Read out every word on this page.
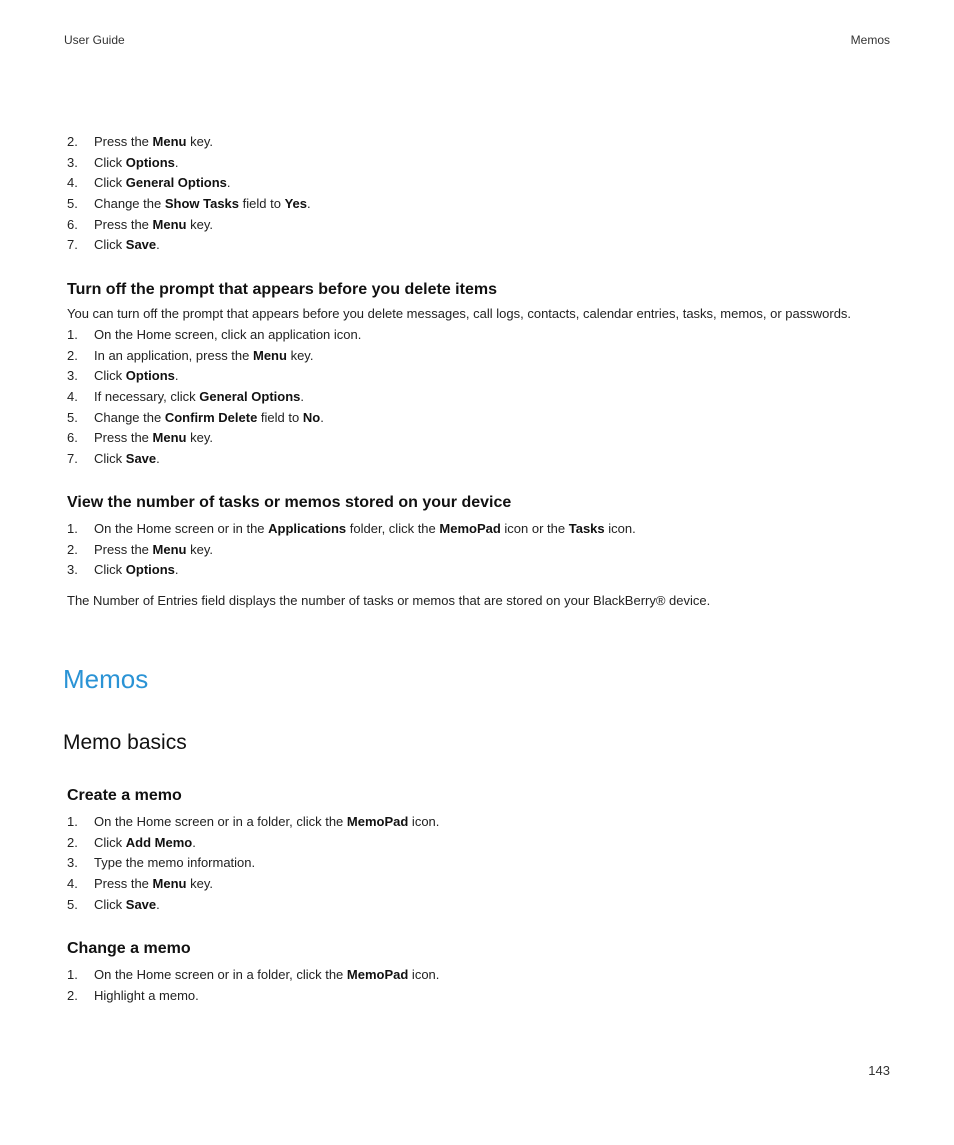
User Guide	Memos
2. Press the Menu key.
3. Click Options.
4. Click General Options.
5. Change the Show Tasks field to Yes.
6. Press the Menu key.
7. Click Save.
Turn off the prompt that appears before you delete items

You can turn off the prompt that appears before you delete messages, call logs, contacts, calendar entries, tasks, memos, or passwords.

1. On the Home screen, click an application icon.
2. In an application, press the Menu key.
3. Click Options.
4. If necessary, click General Options.
5. Change the Confirm Delete field to No.
6. Press the Menu key.
7. Click Save.
View the number of tasks or memos stored on your device
1. On the Home screen or in the Applications folder, click the MemoPad icon or the Tasks icon.
2. Press the Menu key.
3. Click Options.

The Number of Entries field displays the number of tasks or memos that are stored on your BlackBerry® device.

Memos
Memo basics
Create a memo
1. On the Home screen or in a folder, click the MemoPad icon.
2. Click Add Memo.
3. Type the memo information.
4. Press the Menu key.
5. Click Save.
Change a memo
1. On the Home screen or in a folder, click the MemoPad icon.
2. Highlight a memo.
143
